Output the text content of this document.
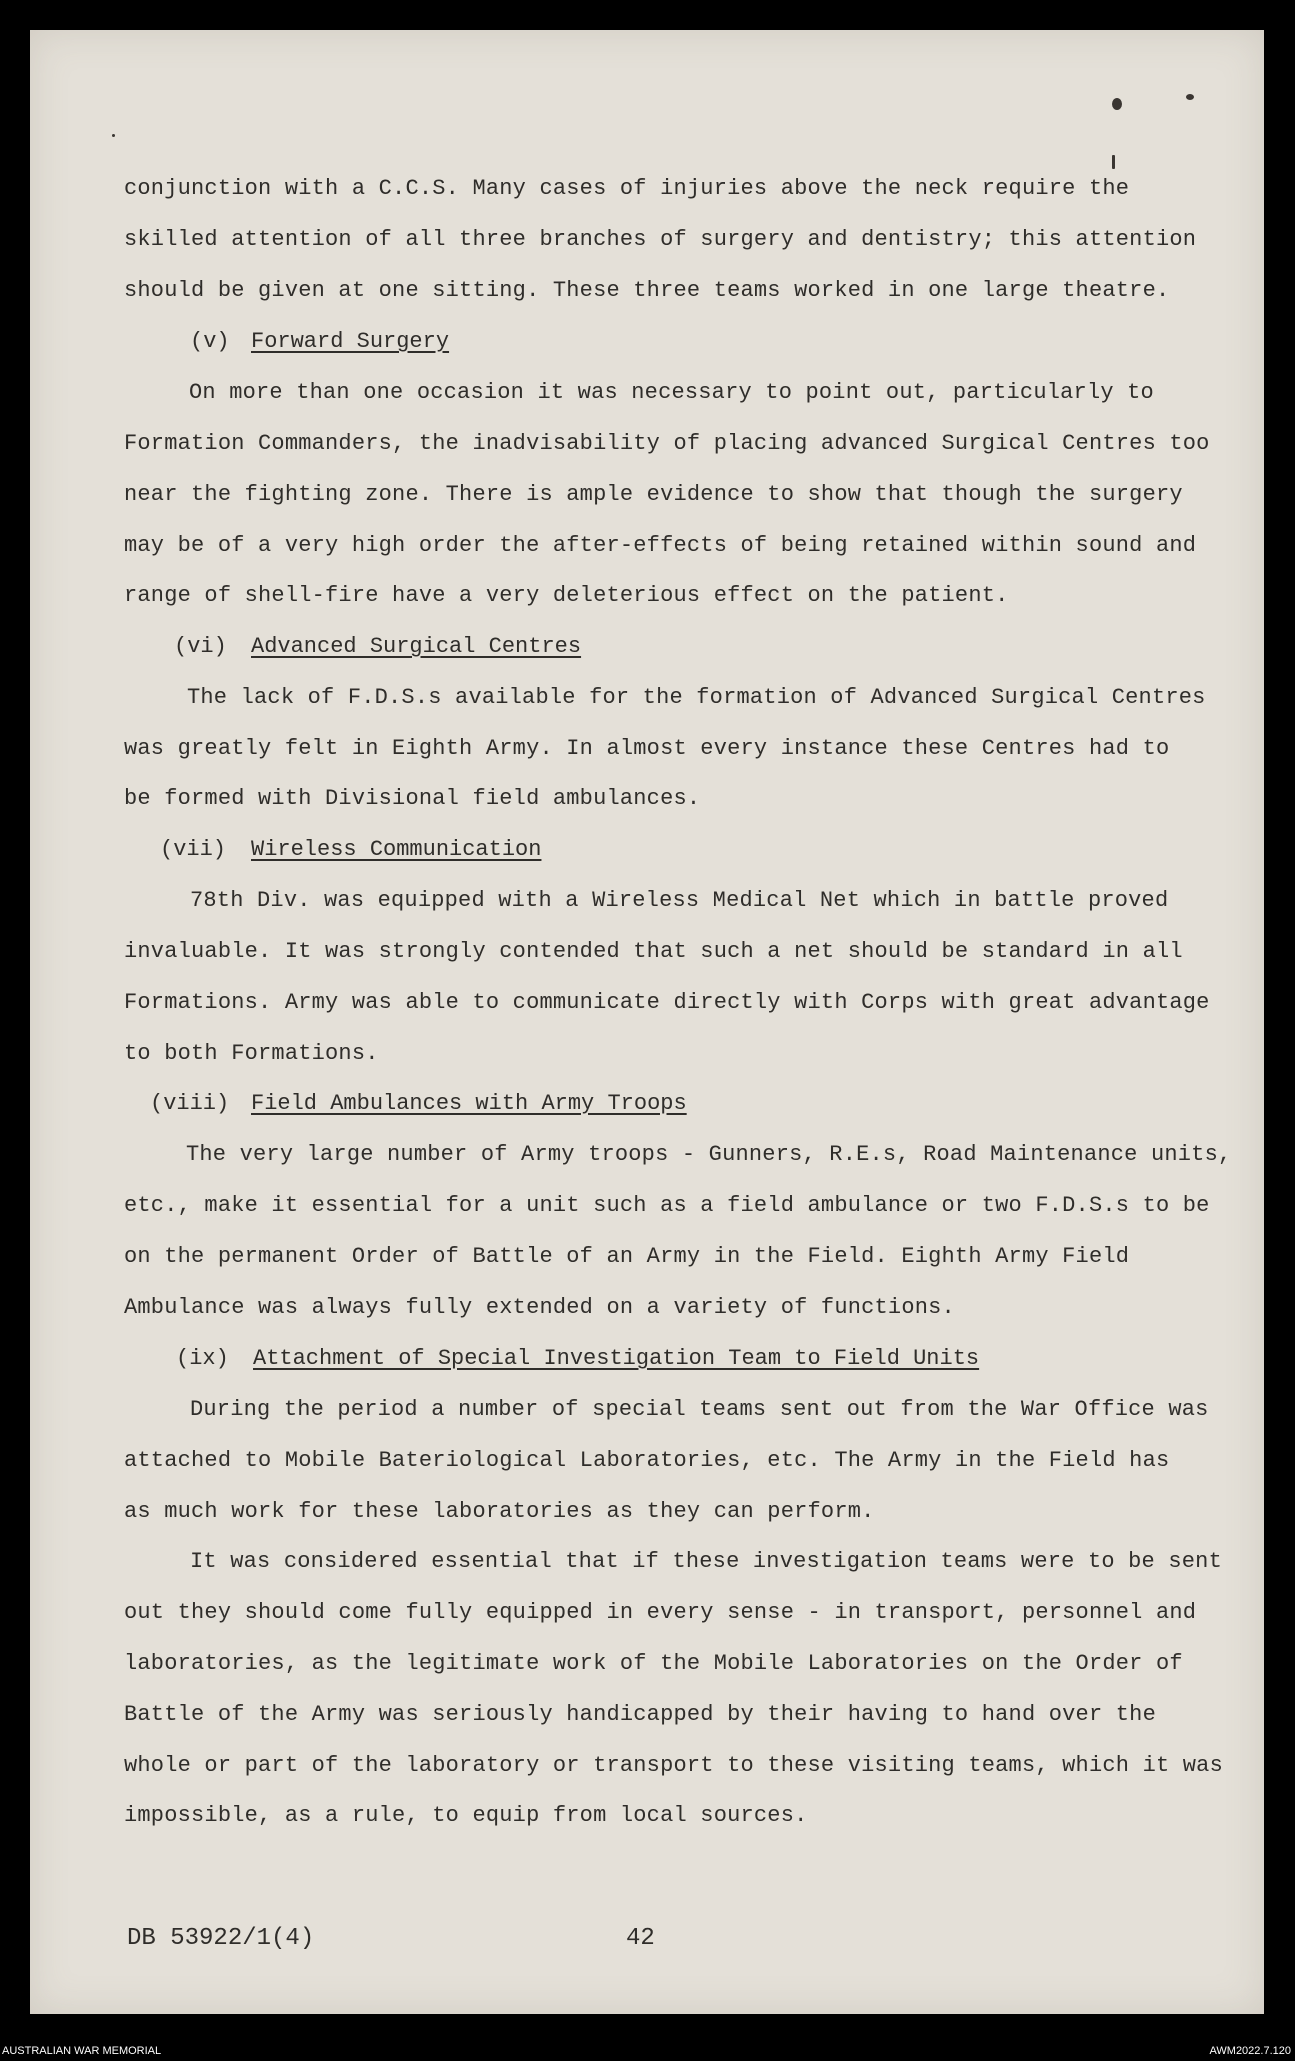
conjunction with a C.C.S. Many cases of injuries above the neck require the
skilled attention of all three branches of surgery and dentistry; this attention
should be given at one sitting. These three teams worked in one large theatre.
(v) Forward Surgery
On more than one occasion it was necessary to point out, particularly to
Formation Commanders, the inadvisability of placing advanced Surgical Centres too
near the fighting zone. There is ample evidence to show that though the surgery
may be of a very high order the after-effects of being retained within sound and
range of shell-fire have a very deleterious effect on the patient.
(vi) Advanced Surgical Centres
The lack of F.D.S.s available for the formation of Advanced Surgical Centres
was greatly felt in Eighth Army. In almost every instance these Centres had to
be formed with Divisional field ambulances.
(vii) Wireless Communication
78th Div. was equipped with a Wireless Medical Net which in battle proved
invaluable. It was strongly contended that such a net should be standard in all
Formations. Army was able to communicate directly with Corps with great advantage
to both Formations.
(viii) Field Ambulances with Army Troops
The very large number of Army troops - Gunners, R.E.s, Road Maintenance units,
etc., make it essential for a unit such as a field ambulance or two F.D.S.s to be
on the permanent Order of Battle of an Army in the Field. Eighth Army Field
Ambulance was always fully extended on a variety of functions.
(ix) Attachment of Special Investigation Team to Field Units
During the period a number of special teams sent out from the War Office was
attached to Mobile Bateriological Laboratories, etc. The Army in the Field has
as much work for these laboratories as they can perform.
It was considered essential that if these investigation teams were to be sent
out they should come fully equipped in every sense - in transport, personnel and
laboratories, as the legitimate work of the Mobile Laboratories on the Order of
Battle of the Army was seriously handicapped by their having to hand over the
whole or part of the laboratory or transport to these visiting teams, which it was
impossible, as a rule, to equip from local sources.
DB 53922/1(4)	42
AUSTRALIAN WAR MEMORIAL	AWM2022.7.120
